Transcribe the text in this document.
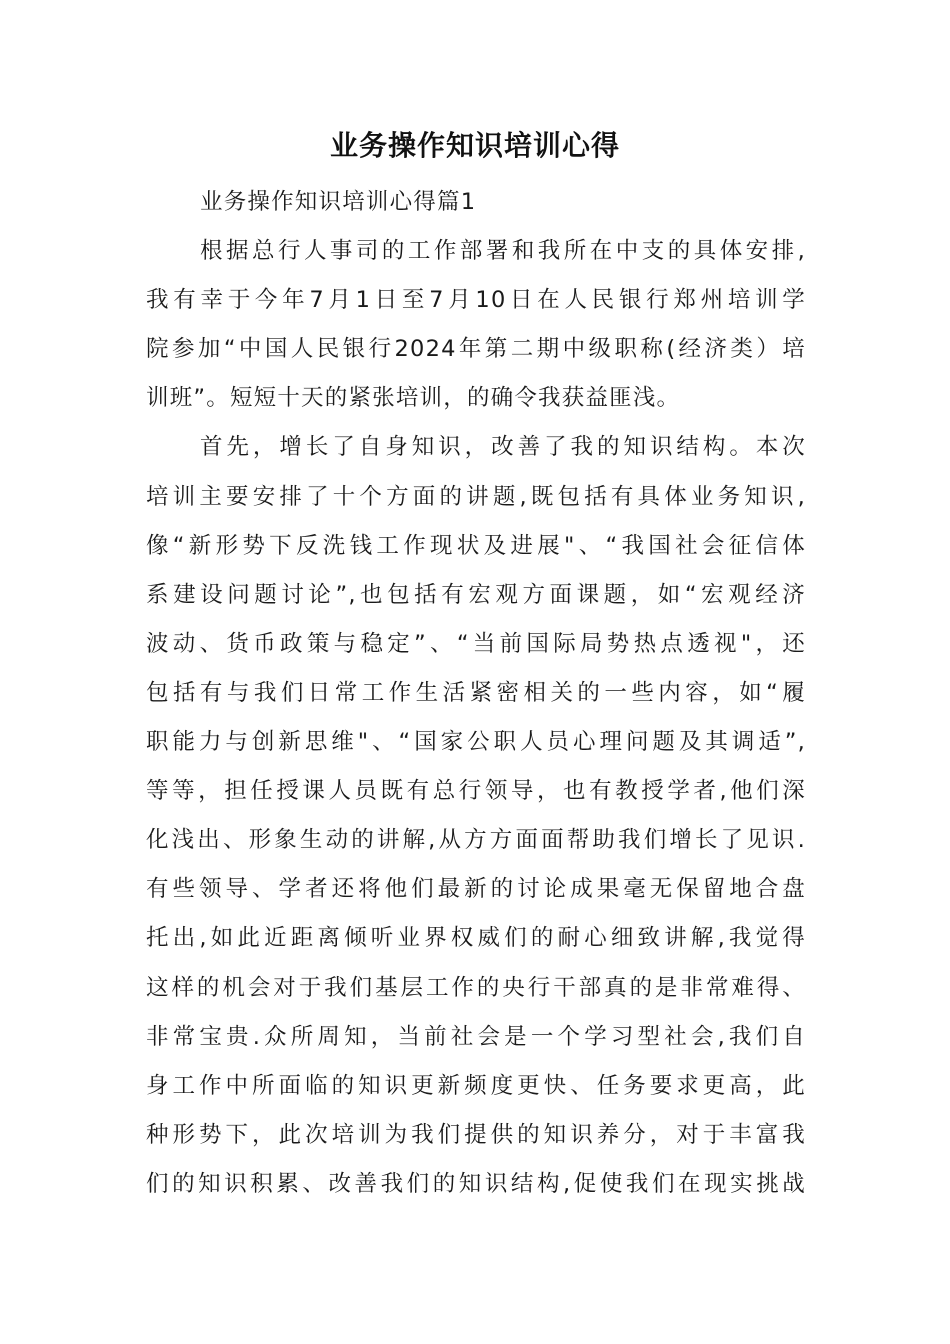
业务操作知识培训心得
业务操作知识培训心得篇1
根据总行人事司的工作部署和我所在中支的具体安排,
我有幸于今年7月1日至7月10日在人民银行郑州培训学
院参加“中国人民银行2024年第二期中级职称(经济类）培
训班”。短短十天的紧张培训，的确令我获益匪浅。
首先，增长了自身知识，改善了我的知识结构。本次
培训主要安排了十个方面的讲题,既包括有具体业务知识,
像“新形势下反洗钱工作现状及进展"、“我国社会征信体
系建设问题讨论”,也包括有宏观方面课题，如“宏观经济
波动、货币政策与稳定”、“当前国际局势热点透视"，还
包括有与我们日常工作生活紧密相关的一些内容，如“履
职能力与创新思维"、“国家公职人员心理问题及其调适”,
等等，担任授课人员既有总行领导，也有教授学者,他们深
化浅出、形象生动的讲解,从方方面面帮助我们增长了见识.
有些领导、学者还将他们最新的讨论成果毫无保留地合盘
托出,如此近距离倾听业界权威们的耐心细致讲解,我觉得
这样的机会对于我们基层工作的央行干部真的是非常难得、
非常宝贵.众所周知，当前社会是一个学习型社会,我们自
身工作中所面临的知识更新频度更快、任务要求更高，此
种形势下，此次培训为我们提供的知识养分，对于丰富我
们的知识积累、改善我们的知识结构,促使我们在现实挑战
